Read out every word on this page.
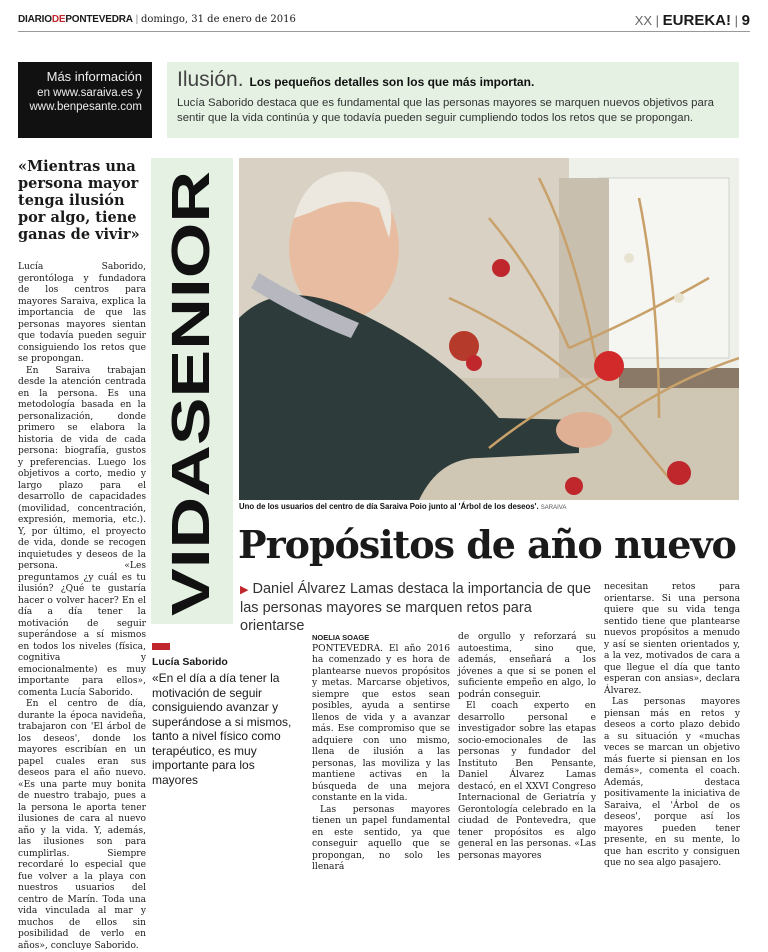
DIARIODEPONTEVEDRA | domingo, 31 de enero de 2016	XX | EUREKA! | 9
Más información
en www.saraiva.es y
www.benpesante.com
Ilusión. Los pequeños detalles son los que más importan.
Lucía Saborido destaca que es fundamental que las personas mayores se marquen nuevos objetivos para sentir que la vida continúa y que todavía pueden seguir cumpliendo todos los retos que se propongan.
«Mientras una persona mayor tenga ilusión por algo, tiene ganas de vivir»

Lucía Saborido, gerontóloga y fundadora de los centros para mayores Saraiva, explica la importancia de que las personas mayores sientan que todavía pueden seguir consiguiendo los retos que se propongan.

En Saraiva trabajan desde la atención centrada en la persona. Es una metodología basada en la personalización, donde primero se elabora la historia de vida de cada persona: biografía, gustos y preferencias. Luego los objetivos a corto, medio y largo plazo para el desarrollo de capacidades (movilidad, concentración, expresión, memoria, etc.). Y, por último, el proyecto de vida, donde se recogen inquietudes y deseos de la persona. «Les preguntamos ¿y cuál es tu ilusión? ¿Qué te gustaría hacer o volver hacer? En el día a día tener la motivación de seguir superándose a sí mismos en todos los niveles (física, cognitiva y emocionalmente) es muy importante para ellos», comenta Lucía Saborido.

En el centro de día, durante la época navideña, trabajaron con 'El árbol de los deseos', donde los mayores escribían en un papel cuales eran sus deseos para el año nuevo. «Es una parte muy bonita de nuestro trabajo, pues a la persona le aporta tener ilusiones de cara al nuevo año y la vida. Y, además, las ilusiones son para cumplirlas. Siempre recordaré lo especial que fue volver a la playa con nuestros usuarios del centro de Marín. Toda una vida vinculada al mar y muchos de ellos sin posibilidad de verlo en años», concluye Saborido.

VIDASENIOR Uno de los usuarios del centro de día Saraiva Poio junto al 'Árbol de los deseos'. SARAIVA
Propósitos de año nuevo
▶ Daniel Álvarez Lamas destaca la importancia de que las personas mayores se marquen retos para orientarse
Lucía Saborido
«En el día a día tener la motivación de seguir consiguiendo avanzar y superándose a si mismos, tanto a nivel físico como terapéutico, es muy importante para los mayores
NOELIA SOAGE

PONTEVEDRA. El año 2016 ha comenzado y es hora de plantearse nuevos propósitos y metas. Marcarse objetivos, siempre que estos sean posibles, ayuda a sentirse llenos de vida y a avanzar más. Ese compromiso que se adquiere con uno mismo, llena de ilusión a las personas, las moviliza y las mantiene activas en la búsqueda de una mejora constante en la vida.

Las personas mayores tienen un papel fundamental en este sentido, ya que conseguir aquello que se propongan, no solo les llenará

de orgullo y reforzará su autoestima, sino que, además, enseñará a los jóvenes a que si se ponen el suficiente empeño en algo, lo podrán conseguir.

El coach experto en desarrollo personal e investigador sobre las etapas socio-emocionales de las personas y fundador del Instituto Ben Pensante, Daniel Álvarez Lamas destacó, en el XXVI Congreso Internacional de Geriatría y Gerontología celebrado en la ciudad de Pontevedra, que tener propósitos es algo general en las personas. «Las personas mayores

necesitan retos para orientarse. Si una persona quiere que su vida tenga sentido tiene que plantearse nuevos propósitos a menudo y así se sienten orientados y, a la vez, motivados de cara a que llegue el día que tanto esperan con ansias», declara Álvarez.

Las personas mayores piensan más en retos y deseos a corto plazo debido a su situación y «muchas veces se marcan un objetivo más fuerte si piensan en los demás», comenta el coach. Además, destaca positivamente la iniciativa de Saraiva, el 'Árbol de os deseos', porque así los mayores pueden tener presente, en su mente, lo que han escrito y consiguen que no sea algo pasajero.
